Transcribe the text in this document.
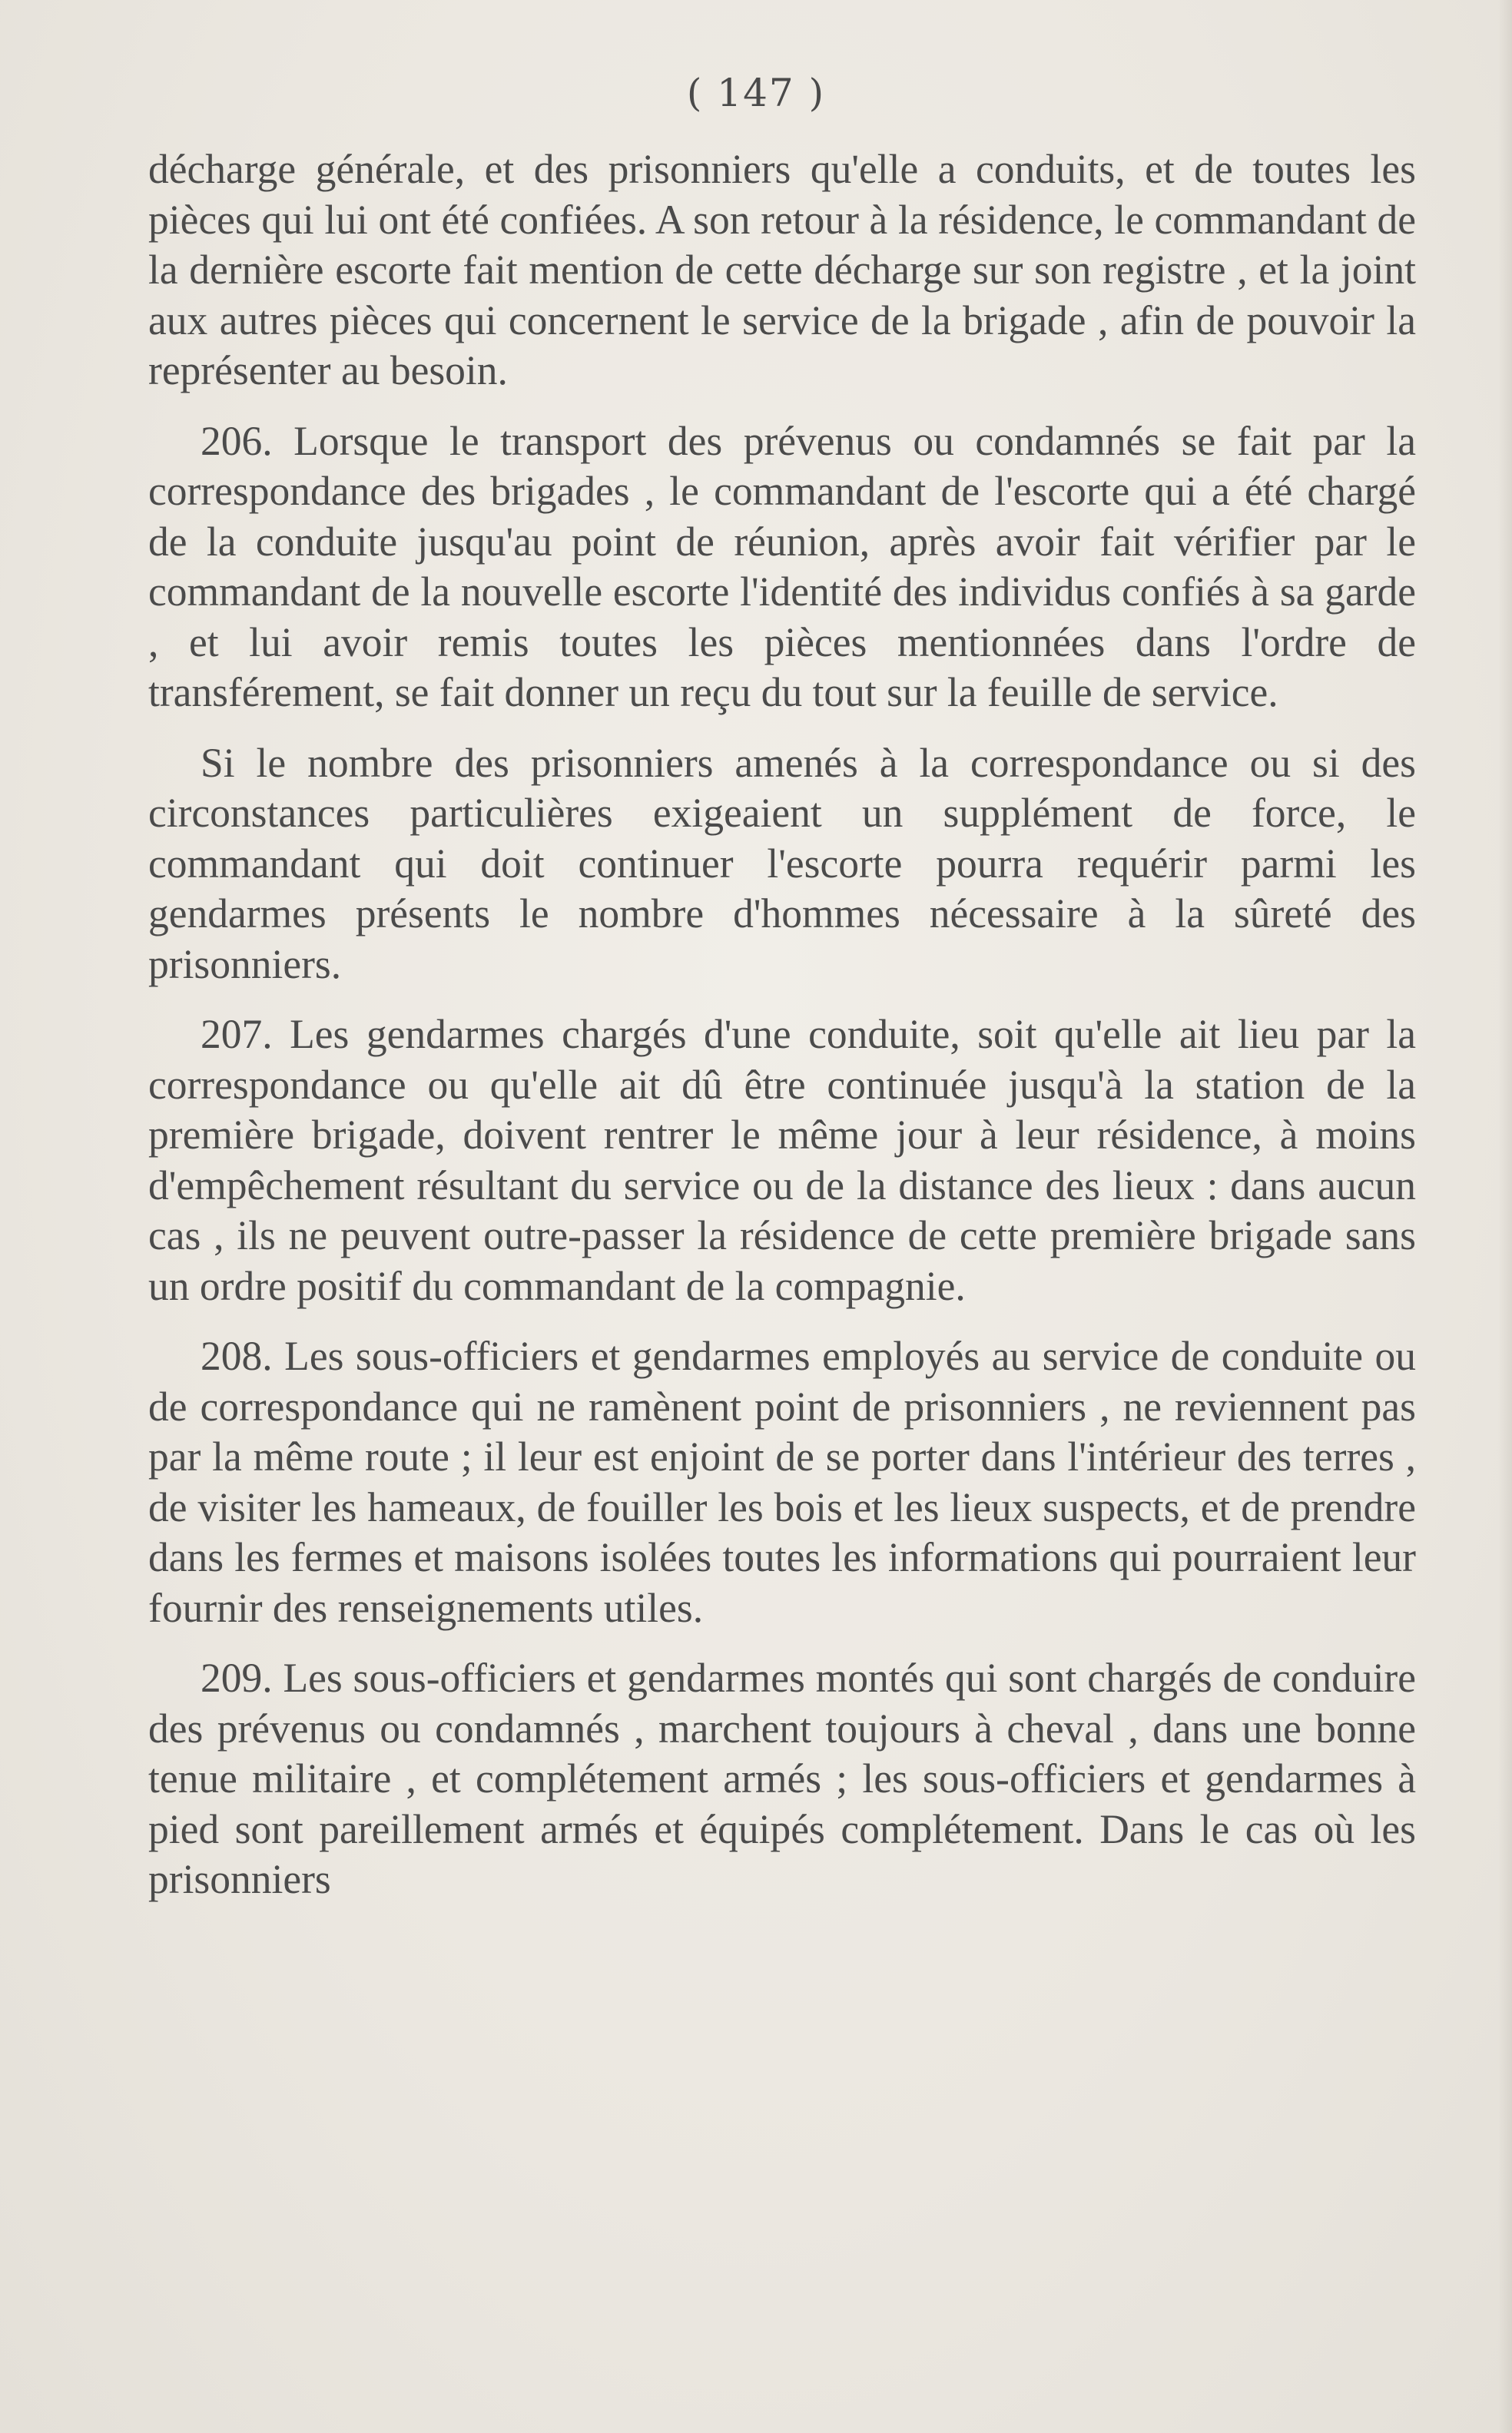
( 147 )

décharge générale, et des prisonniers qu'elle a conduits, et de toutes les pièces qui lui ont été confiées. A son retour à la résidence, le commandant de la dernière escorte fait mention de cette décharge sur son registre , et la joint aux autres pièces qui concernent le service de la brigade , afin de pouvoir la représenter au besoin.

206. Lorsque le transport des prévenus ou condamnés se fait par la correspondance des brigades , le commandant de l'escorte qui a été chargé de la conduite jusqu'au point de réunion, après avoir fait vérifier par le commandant de la nouvelle escorte l'identité des individus confiés à sa garde , et lui avoir remis toutes les pièces mentionnées dans l'ordre de transférement, se fait donner un reçu du tout sur la feuille de service.

Si le nombre des prisonniers amenés à la correspondance ou si des circonstances particulières exigeaient un supplément de force, le commandant qui doit continuer l'escorte pourra requérir parmi les gendarmes présents le nombre d'hommes nécessaire à la sûreté des prisonniers.

207. Les gendarmes chargés d'une conduite, soit qu'elle ait lieu par la correspondance ou qu'elle ait dû être continuée jusqu'à la station de la première brigade, doivent rentrer le même jour à leur résidence, à moins d'empêchement résultant du service ou de la distance des lieux : dans aucun cas , ils ne peuvent outre-passer la résidence de cette première brigade sans un ordre positif du commandant de la compagnie.

208. Les sous-officiers et gendarmes employés au service de conduite ou de correspondance qui ne ramènent point de prisonniers , ne reviennent pas par la même route ; il leur est enjoint de se porter dans l'intérieur des terres , de visiter les hameaux, de fouiller les bois et les lieux suspects, et de prendre dans les fermes et maisons isolées toutes les informations qui pourraient leur fournir des renseignements utiles.

209. Les sous-officiers et gendarmes montés qui sont chargés de conduire des prévenus ou condamnés , marchent toujours à cheval , dans une bonne tenue militaire , et complétement armés ; les sous-officiers et gendarmes à pied sont pareillement armés et équipés complétement. Dans le cas où les prisonniers
